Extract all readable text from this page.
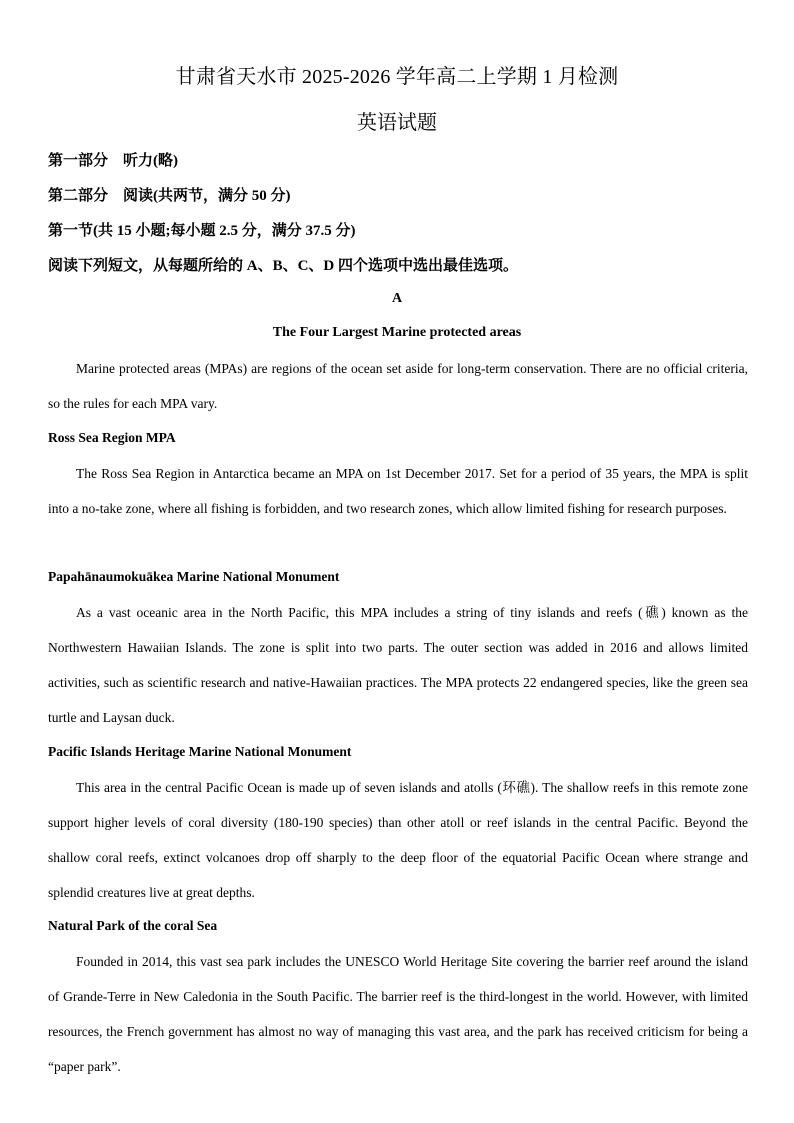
甘肃省天水市 2025-2026 学年高二上学期 1 月检测
英语试题
第一部分　听力(略)
第二部分　阅读(共两节，满分 50 分)
第一节(共 15 小题;每小题 2.5 分，满分 37.5 分)
阅读下列短文，从每题所给的 A、B、C、D 四个选项中选出最佳选项。
A
The Four Largest Marine protected areas

Marine protected areas (MPAs) are regions of the ocean set aside for long-term conservation. There are no official criteria, so the rules for each MPA vary.

Ross Sea Region MPA

The Ross Sea Region in Antarctica became an MPA on 1st December 2017. Set for a period of 35 years, the MPA is split into a no-take zone, where all fishing is forbidden, and two research zones, which allow limited fishing for research purposes.

Papahānaumokuākea Marine National Monument

As a vast oceanic area in the North Pacific, this MPA includes a string of tiny islands and reefs (礁) known as the Northwestern Hawaiian Islands. The zone is split into two parts. The outer section was added in 2016 and allows limited activities, such as scientific research and native-Hawaiian practices. The MPA protects 22 endangered species, like the green sea turtle and Laysan duck.

Pacific Islands Heritage Marine National Monument

This area in the central Pacific Ocean is made up of seven islands and atolls (环礁). The shallow reefs in this remote zone support higher levels of coral diversity (180-190 species) than other atoll or reef islands in the central Pacific. Beyond the shallow coral reefs, extinct volcanoes drop off sharply to the deep floor of the equatorial Pacific Ocean where strange and splendid creatures live at great depths.

Natural Park of the coral Sea

Founded in 2014, this vast sea park includes the UNESCO World Heritage Site covering the barrier reef around the island of Grande-Terre in New Caledonia in the South Pacific. The barrier reef is the third-longest in the world. However, with limited resources, the French government has almost no way of managing this vast area, and the park has received criticism for being a “paper park”.
